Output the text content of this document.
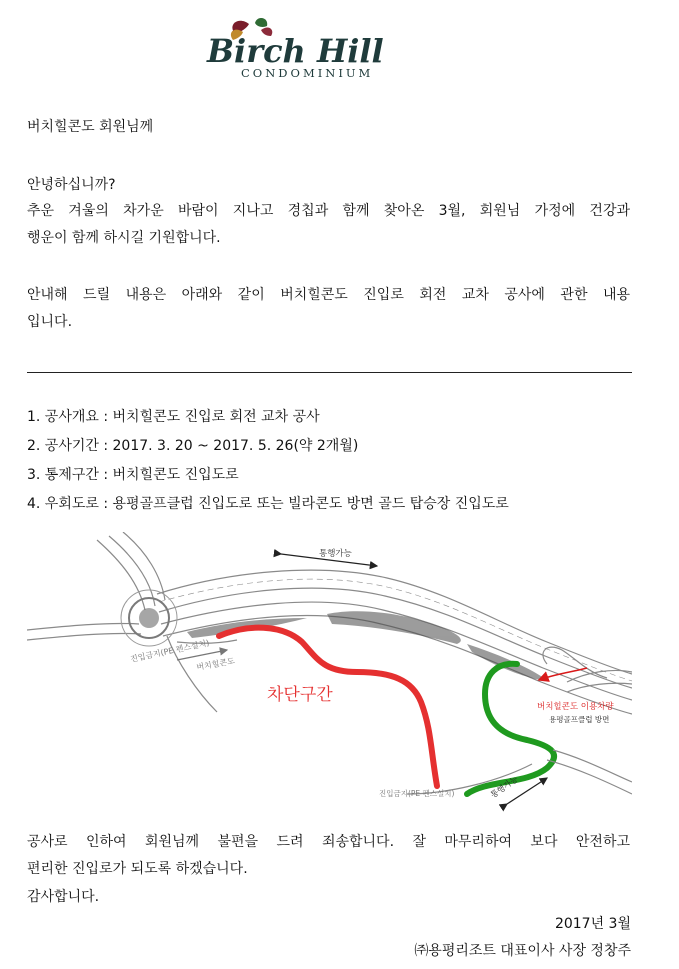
Birch Hill
CONDOMINIUM
버치힐콘도 회원님께
안녕하십니까?
추운 겨울의 차가운 바람이 지나고 경칩과 함께 찾아온 3월, 회원님 가정에 건강과
행운이 함께 하시길 기원합니다.
안내해 드릴 내용은 아래와 같이 버치힐콘도 진입로 회전 교차 공사에 관한 내용
입니다.
1. 공사개요 : 버치힐콘도 진입로 회전 교차 공사
2. 공사기간 : 2017. 3. 20 ~ 2017. 5. 26(약 2개월)
3. 통제구간 : 버치힐콘도 진입도로
4. 우회도로 : 용평골프클럽 진입도로 또는 빌라콘도 방면 골드 탑승장 진입도로
통행가능
진입금지(PE 펜스설치)
버치힐콘도
차단구간
버치힐콘도 이용차량
용평골프클럽 방면
진입금지(PE 펜스설치)	통행가능
공사로 인하여 회원님께 불편을 드려 죄송합니다. 잘 마무리하여 보다 안전하고
편리한 진입로가 되도록 하겠습니다.
감사합니다.
2017년 3월
㈜용평리조트 대표이사 사장 정창주
